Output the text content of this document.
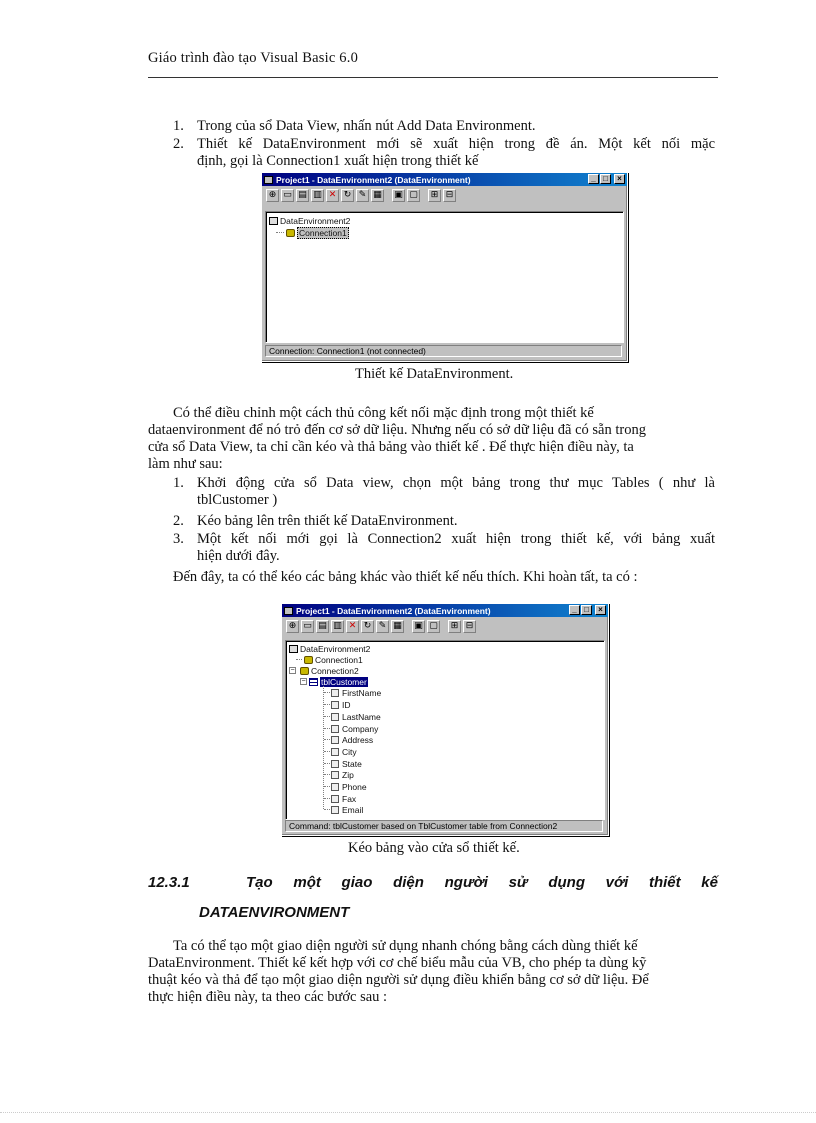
Giáo trình đào tạo Visual Basic 6.0
1. Trong của sổ Data View, nhấn nút Add Data Environment.
2. Thiết kế DataEnvironment mới sẽ xuất hiện trong đề án. Một kết nối mặc
định, gọi là Connection1 xuất hiện trong thiết kế
Project1 - DataEnvironment2 (DataEnvironment)	_ □	×
⊕ ▭ ▤ ▥ ✕ ↻ ✎ ▦ ▣ ▢	⊞ ⊟
DataEnvironment2
Connection1
Connection: Connection1 (not connected)
Thiết kế DataEnvironment.
Có thể điều chỉnh một cách thủ công kết nối mặc định trong một thiết kế
dataenvironment để nó trỏ đến cơ sở dữ liệu. Nhưng nếu có sở dữ liệu đã có sẵn trong
cửa sổ Data View, ta chỉ cần kéo và thả bảng vào thiết kế . Để thực hiện điều này, ta
làm như sau:
1. Khởi động cửa sổ Data view, chọn một bảng trong thư mục Tables ( như là
tblCustomer )
2. Kéo bảng lên trên thiết kế DataEnvironment.
3. Một kết nối mới gọi là Connection2 xuất hiện trong thiết kế, với bảng xuất
hiện dưới đây.
Đến đây, ta có thể kéo các bảng khác vào thiết kế nếu thích. Khi hoàn tất, ta có :
Project1 - DataEnvironment2 (DataEnvironment)	_ □	×
⊕ ▭ ▤ ▥ ✕ ↻ ✎ ▦ ▣ ▢	⊞ ⊟
DataEnvironment2
Connection1
− Connection2
− tblCustomer
FirstName
ID
LastName
Company
Address
City
State
Zip
Phone
Fax
Email
Command: tblCustomer based on TblCustomer table from Connection2
Kéo bảng vào cửa sổ thiết kế.
12.3.1	Tạo một giao diện người sử dụng với thiết kế
DATAENVIRONMENT
Ta có thể tạo một giao diện người sử dụng nhanh chóng bằng cách dùng thiết kế
DataEnvironment. Thiết kế kết hợp với cơ chế biểu mẫu của VB, cho phép ta dùng kỹ
thuật kéo và thả để tạo một giao diện người sử dụng điều khiển bằng cơ sở dữ liệu. Để
thực hiện điều này, ta theo các bước sau :
